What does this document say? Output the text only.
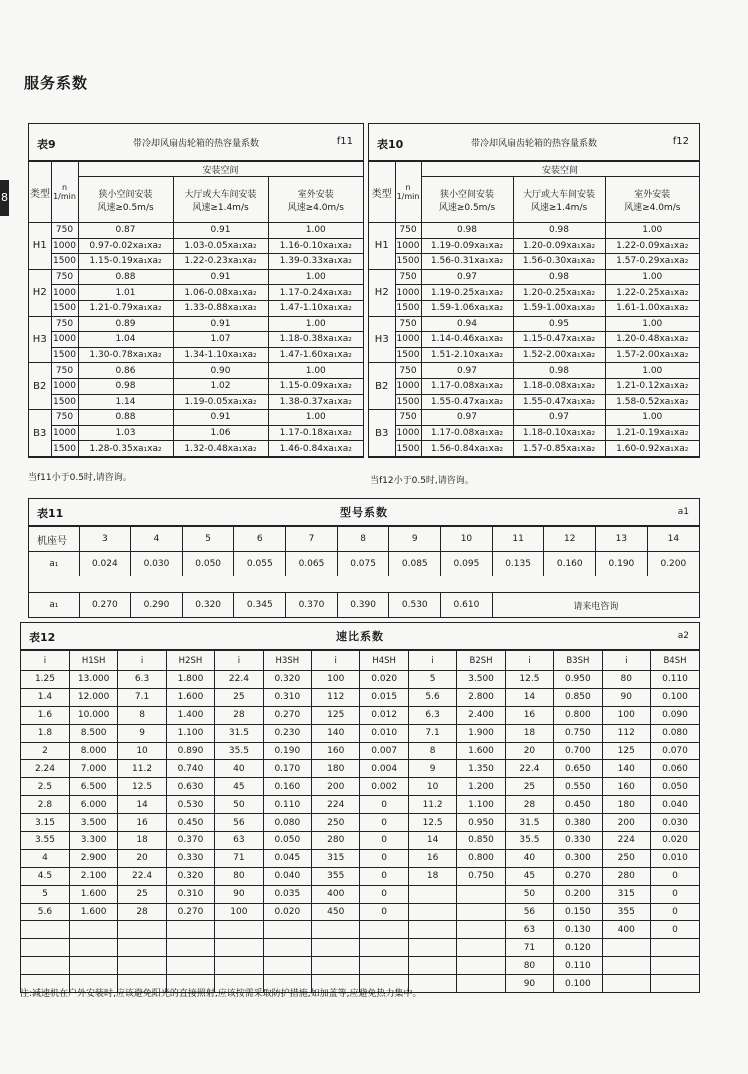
服务系数
8
表9	带冷却风扇齿轮箱的热容量系数	f11
类型	n
1/min	安装空间		
		狭小空间安装
风速≥0.5m/s	大厅或大车间安装
风速≥1.4m/s	室外安装
风速≥4.0m/s
H1	750	0.87	0.91	1.00
	1000	0.97-0.02xa₁xa₂	1.03-0.05xa₁xa₂	1.16-0.10xa₁xa₂
	1500	1.15-0.19xa₁xa₂	1.22-0.23xa₁xa₂	1.39-0.33xa₁xa₂
H2	750	0.88	0.91	1.00
	1000	1.01	1.06-0.08xa₁xa₂	1.17-0.24xa₁xa₂
	1500	1.21-0.79xa₁xa₂	1.33-0.88xa₁xa₂	1.47-1.10xa₁xa₂
H3	750	0.89	0.91	1.00
	1000	1.04	1.07	1.18-0.38xa₁xa₂
	1500	1.30-0.78xa₁xa₂	1.34-1.10xa₁xa₂	1.47-1.60xa₁xa₂
B2	750	0.86	0.90	1.00
	1000	0.98	1.02	1.15-0.09xa₁xa₂
	1500	1.14	1.19-0.05xa₁xa₂	1.38-0.37xa₁xa₂
B3	750	0.88	0.91	1.00
	1000	1.03	1.06	1.17-0.18xa₁xa₂
	1500	1.28-0.35xa₁xa₂	1.32-0.48xa₁xa₂	1.46-0.84xa₁xa₂
当f11小于0.5时,请咨询。
表10	带冷却风扇齿轮箱的热容量系数	f12
类型	n
1/min	安装空间		
		狭小空间安装
风速≥0.5m/s	大厅或大车间安装
风速≥1.4m/s	室外安装
风速≥4.0m/s
H1	750	0.98	0.98	1.00
	1000	1.19-0.09xa₁xa₂	1.20-0.09xa₁xa₂	1.22-0.09xa₁xa₂
	1500	1.56-0.31xa₁xa₂	1.56-0.30xa₁xa₂	1.57-0.29xa₁xa₂
H2	750	0.97	0.98	1.00
	1000	1.19-0.25xa₁xa₂	1.20-0.25xa₁xa₂	1.22-0.25xa₁xa₂
	1500	1.59-1.06xa₁xa₂	1.59-1.00xa₁xa₂	1.61-1.00xa₁xa₂
H3	750	0.94	0.95	1.00
	1000	1.14-0.46xa₁xa₂	1.15-0.47xa₁xa₂	1.20-0.48xa₁xa₂
	1500	1.51-2.10xa₁xa₂	1.52-2.00xa₁xa₂	1.57-2.00xa₁xa₂
B2	750	0.97	0.98	1.00
	1000	1.17-0.08xa₁xa₂	1.18-0.08xa₁xa₂	1.21-0.12xa₁xa₂
	1500	1.55-0.47xa₁xa₂	1.55-0.47xa₁xa₂	1.58-0.52xa₁xa₂
B3	750	0.97	0.97	1.00
	1000	1.17-0.08xa₁xa₂	1.18-0.10xa₁xa₂	1.21-0.19xa₁xa₂
	1500	1.56-0.84xa₁xa₂	1.57-0.85xa₁xa₂	1.60-0.92xa₁xa₂
当f12小于0.5时,请咨询。
表11	型号系数	a1
机座号	3	4	5	6	7	8	9	10	11	12	13	14
a₁	0.024	0.030	0.050	0.055	0.065	0.075	0.085	0.095	0.135	0.160	0.190	0.200
a₁	0.270	0.290	0.320	0.345	0.370	0.390	0.530	0.610	请来电咨询
表12	速比系数	a2
i	H1SH	i	H2SH	i	H3SH	i	H4SH	i	B2SH	i	B3SH	i	B4SH
1.25	13.000	6.3	1.800	22.4	0.320	100	0.020	5	3.500	12.5	0.950	80	0.110
1.4	12.000	7.1	1.600	25	0.310	112	0.015	5.6	2.800	14	0.850	90	0.100
1.6	10.000	8	1.400	28	0.270	125	0.012	6.3	2.400	16	0.800	100	0.090
1.8	8.500	9	1.100	31.5	0.230	140	0.010	7.1	1.900	18	0.750	112	0.080
2	8.000	10	0.890	35.5	0.190	160	0.007	8	1.600	20	0.700	125	0.070
2.24	7.000	11.2	0.740	40	0.170	180	0.004	9	1.350	22.4	0.650	140	0.060
2.5	6.500	12.5	0.630	45	0.160	200	0.002	10	1.200	25	0.550	160	0.050
2.8	6.000	14	0.530	50	0.110	224	0	11.2	1.100	28	0.450	180	0.040
3.15	3.500	16	0.450	56	0.080	250	0	12.5	0.950	31.5	0.380	200	0.030
3.55	3.300	18	0.370	63	0.050	280	0	14	0.850	35.5	0.330	224	0.020
4	2.900	20	0.330	71	0.045	315	0	16	0.800	40	0.300	250	0.010
4.5	2.100	22.4	0.320	80	0.040	355	0	18	0.750	45	0.270	280	0
5	1.600	25	0.310	90	0.035	400	0			50	0.200	315	0
5.6	1.600	28	0.270	100	0.020	450	0			56	0.150	355	0
										63	0.130	400	0
										71	0.120		
										80	0.110		
										90	0.100		
注:减速机在户外安装时,应该避免阳光的直接照射,应该按需采取防护措施,如加盖等,应避免热力集中。
